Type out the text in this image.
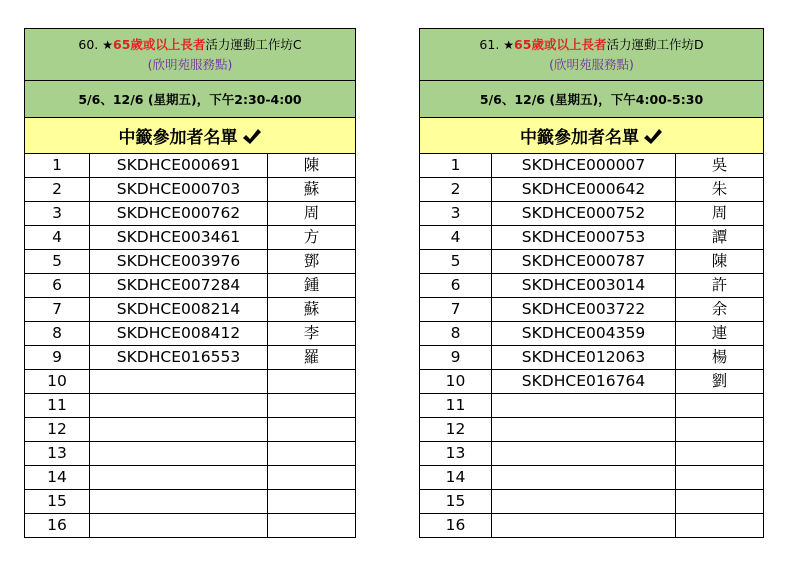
60. ★65歲或以上長者活力運動工作坊C
(欣明苑服務點)		

5/6、12/6 (星期五)，下午2:30-4:00		
中籤參加者名單		
1	SKDHCE000691	陳
2	SKDHCE000703	蘇
3	SKDHCE000762	周
4	SKDHCE003461	方
5	SKDHCE003976	鄧
6	SKDHCE007284	鍾
7	SKDHCE008214	蘇
8	SKDHCE008412	李
9	SKDHCE016553	羅
10		
11		
12		
13		
14		
15		
16		
61. ★65歲或以上長者活力運動工作坊D
(欣明苑服務點)		

5/6、12/6 (星期五)，下午4:00-5:30		
中籤參加者名單		
1	SKDHCE000007	吳
2	SKDHCE000642	朱
3	SKDHCE000752	周
4	SKDHCE000753	譚
5	SKDHCE000787	陳
6	SKDHCE003014	許
7	SKDHCE003722	余
8	SKDHCE004359	連
9	SKDHCE012063	楊
10	SKDHCE016764	劉
11		
12		
13		
14		
15		
16		
